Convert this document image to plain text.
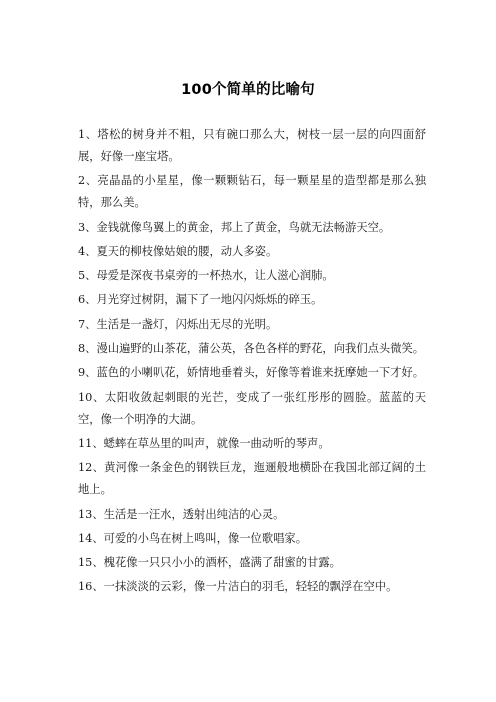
100个简单的比喻句

1、塔松的树身并不粗，只有碗口那么大，树枝一层一层的向四面舒展，好像一座宝塔。

2、亮晶晶的小星星，像一颗颗钻石，每一颗星星的造型都是那么独特，那么美。

3、金钱就像鸟翼上的黄金，邦上了黄金，鸟就无法畅游天空。

4、夏天的柳枝像姑娘的腰，动人多姿。

5、母爱是深夜书桌旁的一杯热水，让人滋心润肺。

6、月光穿过树阴，漏下了一地闪闪烁烁的碎玉。

7、生活是一盏灯，闪烁出无尽的光明。

8、漫山遍野的山茶花，蒲公英，各色各样的野花，向我们点头微笑。

9、蓝色的小喇叭花，娇情地垂着头，好像等着谁来抚摩她一下才好。

10、太阳收敛起刺眼的光芒，变成了一张红彤彤的圆脸。蓝蓝的天空，像一个明净的大湖。

11、蟋蟀在草丛里的叫声，就像一曲动听的琴声。

12、黄河像一条金色的钢铁巨龙，迤逦般地横卧在我国北部辽阔的土地上。

13、生活是一汪水，透射出纯洁的心灵。

14、可爱的小鸟在树上鸣叫，像一位歌唱家。

15、槐花像一只只小小的酒杯，盛满了甜蜜的甘露。

16、一抹淡淡的云彩，像一片洁白的羽毛，轻轻的飘浮在空中。
